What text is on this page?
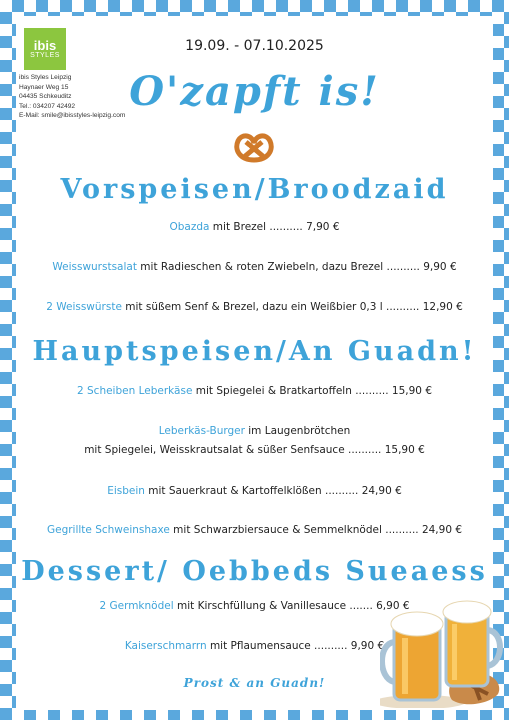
ibis
STYLES
ibis Styles Leipzig
Haynaer Weg 15
04435 Schkeuditz
Tel.: 034207 42492
E-Mail: smile@ibisstyles-leipzig.com
19.09. - 07.10.2025
O'zapft is!
Vorspeisen/Broodzaid
Obazda mit Brezel .......... 7,90 €
Weisswurstsalat mit Radieschen & roten Zwiebeln, dazu Brezel .......... 9,90 €
2 Weisswürste mit süßem Senf & Brezel, dazu ein Weißbier 0,3 l .......... 12,90 €
Hauptspeisen/An Guadn!
2 Scheiben Leberkäse mit Spiegelei & Bratkartoffeln .......... 15,90 €
Leberkäs-Burger im Laugenbrötchen
mit Spiegelei, Weisskrautsalat & süßer Senfsauce .......... 15,90 €
Eisbein mit Sauerkraut & Kartoffelklößen .......... 24,90 €
Gegrillte Schweinshaxe mit Schwarzbiersauce & Semmelknödel .......... 24,90 €
Dessert/ Oebbeds Sueaess
2 Germknödel mit Kirschfüllung & Vanillesauce ....... 6,90 €
Kaiserschmarrn mit Pflaumensauce .......... 9,90 €
Prost & an Guadn!
